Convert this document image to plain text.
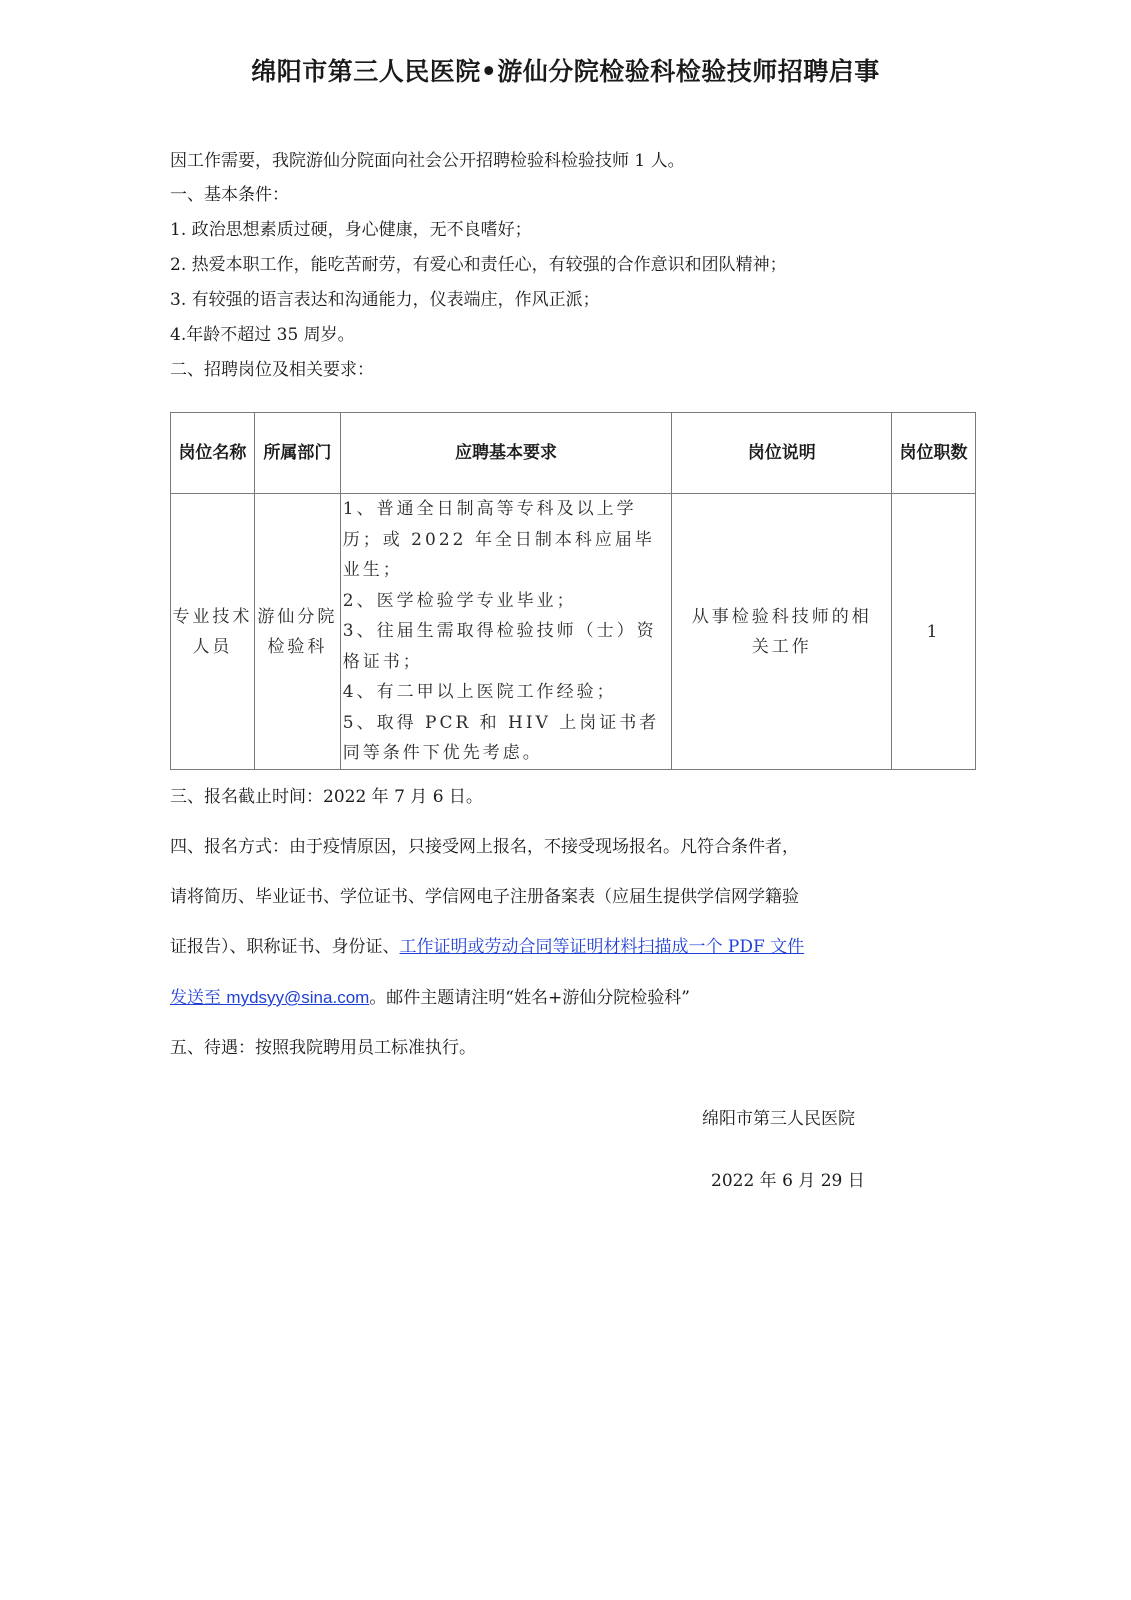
绵阳市第三人民医院•游仙分院检验科检验技师招聘启事
因工作需要，我院游仙分院面向社会公开招聘检验科检验技师 1 人。
一、基本条件：
1. 政治思想素质过硬，身心健康，无不良嗜好；
2. 热爱本职工作，能吃苦耐劳，有爱心和责任心，有较强的合作意识和团队精神；
3. 有较强的语言表达和沟通能力，仪表端庄，作风正派；
4.年龄不超过 35 周岁。
二、招聘岗位及相关要求：
岗位名称	所属部门	应聘基本要求	岗位说明	岗位职数
专业技术人员	游仙分院检验科	1、普通全日制高等专科及以上学历；或 2022 年全日制本科应届毕业生；
2、医学检验学专业毕业；
3、往届生需取得检验技师（士）资格证书；
4、有二甲以上医院工作经验；
5、取得 PCR 和 HIV 上岗证书者同等条件下优先考虑。	从事检验科技师的相关工作	1
三、报名截止时间：2022 年 7 月 6 日。
四、报名方式：由于疫情原因，只接受网上报名，不接受现场报名。凡符合条件者，
请将简历、毕业证书、学位证书、学信网电子注册备案表（应届生提供学信网学籍验
证报告）、职称证书、身份证、工作证明或劳动合同等证明材料扫描成一个 PDF 文件
发送至 mydsyy@sina.com。邮件主题请注明“姓名+游仙分院检验科”
五、待遇：按照我院聘用员工标准执行。
绵阳市第三人民医院
2022 年 6 月 29 日
